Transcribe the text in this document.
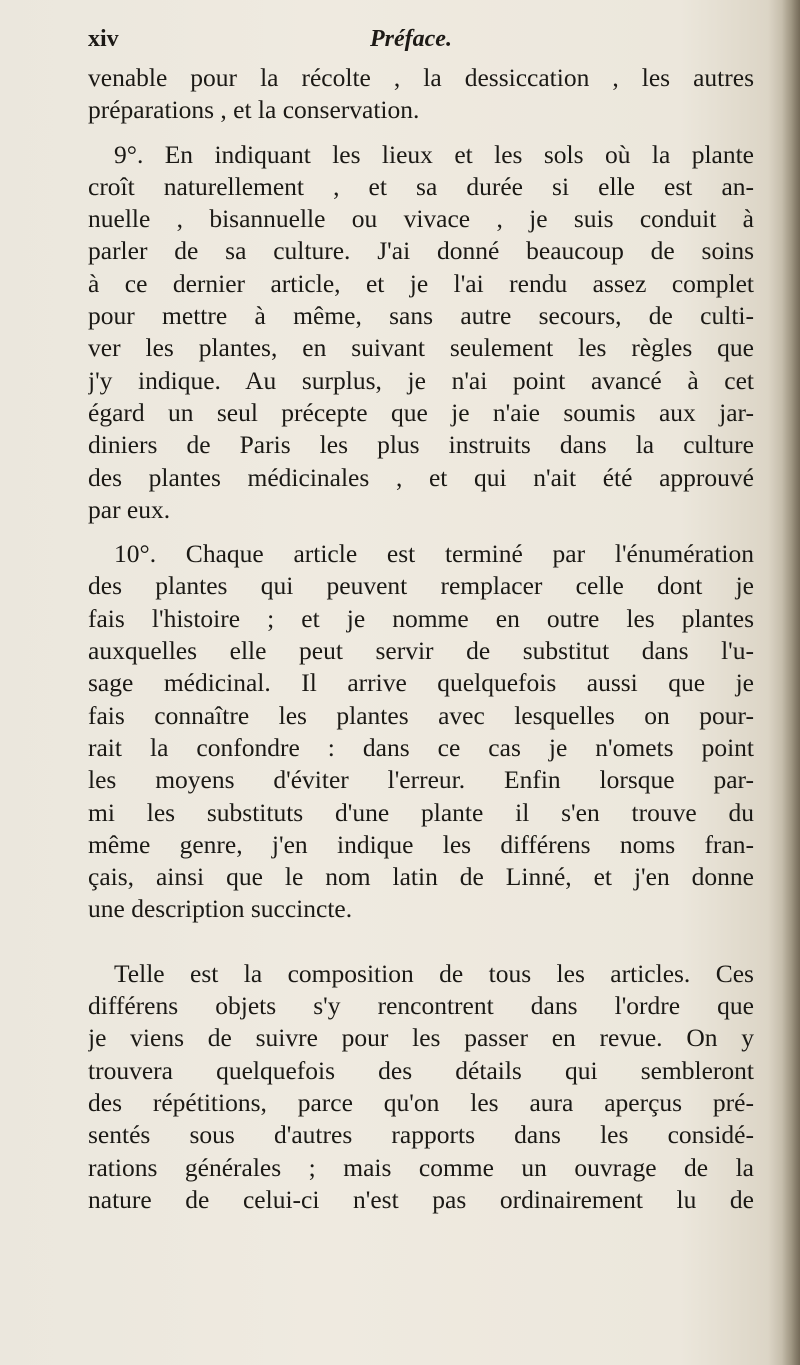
xiv	Préface.
venable pour la récolte , la dessiccation , les autres
préparations , et la conservation.
9°. En indiquant les lieux et les sols où la plante
croît naturellement , et sa durée si elle est an-
nuelle , bisannuelle ou vivace , je suis conduit à
parler de sa culture. J'ai donné beaucoup de soins
à ce dernier article, et je l'ai rendu assez complet
pour mettre à même, sans autre secours, de culti-
ver les plantes, en suivant seulement les règles que
j'y indique. Au surplus, je n'ai point avancé à cet
égard un seul précepte que je n'aie soumis aux jar-
diniers de Paris les plus instruits dans la culture
des plantes médicinales , et qui n'ait été approuvé
par eux.
10°. Chaque article est terminé par l'énumération
des plantes qui peuvent remplacer celle dont je
fais l'histoire ; et je nomme en outre les plantes
auxquelles elle peut servir de substitut dans l'u-
sage médicinal. Il arrive quelquefois aussi que je
fais connaître les plantes avec lesquelles on pour-
rait la confondre : dans ce cas je n'omets point
les moyens d'éviter l'erreur. Enfin lorsque par-
mi les substituts d'une plante il s'en trouve du
même genre, j'en indique les différens noms fran-
çais, ainsi que le nom latin de Linné, et j'en donne
une description succincte.
Telle est la composition de tous les articles. Ces
différens objets s'y rencontrent dans l'ordre que
je viens de suivre pour les passer en revue. On y
trouvera quelquefois des détails qui sembleront
des répétitions, parce qu'on les aura aperçus pré-
sentés sous d'autres rapports dans les considé-
rations générales ; mais comme un ouvrage de la
nature de celui-ci n'est pas ordinairement lu de
